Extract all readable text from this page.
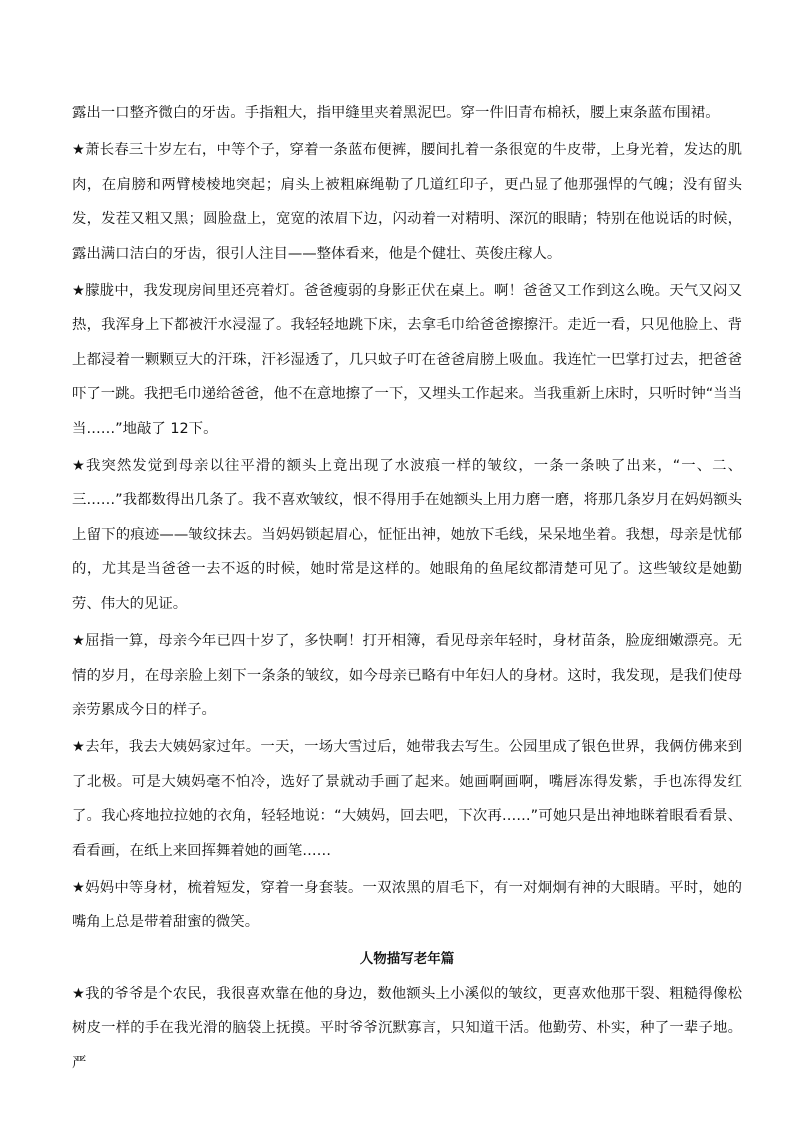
露出一口整齐微白的牙齿。手指粗大，指甲缝里夹着黑泥巴。穿一件旧青布棉袄，腰上束条蓝布围裙。

★萧长春三十岁左右，中等个子，穿着一条蓝布便裤，腰间扎着一条很宽的牛皮带，上身光着，发达的肌肉，在肩膀和两臂棱棱地突起；肩头上被粗麻绳勒了几道红印子，更凸显了他那强悍的气魄；没有留头发，发茬又粗又黑；圆脸盘上，宽宽的浓眉下边，闪动着一对精明、深沉的眼睛；特别在他说话的时候，露出满口洁白的牙齿，很引人注目——整体看来，他是个健壮、英俊庄稼人。

★朦胧中，我发现房间里还亮着灯。爸爸瘦弱的身影正伏在桌上。啊！爸爸又工作到这么晚。天气又闷又热，我浑身上下都被汗水浸湿了。我轻轻地跳下床，去拿毛巾给爸爸擦擦汗。走近一看，只见他脸上、背上都浸着一颗颗豆大的汗珠，汗衫湿透了，几只蚊子叮在爸爸肩膀上吸血。我连忙一巴掌打过去，把爸爸吓了一跳。我把毛巾递给爸爸，他不在意地擦了一下，又埋头工作起来。当我重新上床时，只听时钟“当当当……”地敲了 12下。

★我突然发觉到母亲以往平滑的额头上竟出现了水波痕一样的皱纹，一条一条映了出来，“一、二、三……”我都数得出几条了。我不喜欢皱纹，恨不得用手在她额头上用力磨一磨，将那几条岁月在妈妈额头上留下的痕迹——皱纹抹去。当妈妈锁起眉心，怔怔出神，她放下毛线，呆呆地坐着。我想，母亲是忧郁的，尤其是当爸爸一去不返的时候，她时常是这样的。她眼角的鱼尾纹都清楚可见了。这些皱纹是她勤劳、伟大的见证。

★屈指一算，母亲今年已四十岁了，多快啊！打开相簿，看见母亲年轻时，身材苗条，脸庞细嫩漂亮。无情的岁月，在母亲脸上刻下一条条的皱纹，如今母亲已略有中年妇人的身材。这时，我发现，是我们使母亲劳累成今日的样子。

★去年，我去大姨妈家过年。一天，一场大雪过后，她带我去写生。公园里成了银色世界，我俩仿佛来到了北极。可是大姨妈毫不怕冷，选好了景就动手画了起来。她画啊画啊，嘴唇冻得发紫，手也冻得发红了。我心疼地拉拉她的衣角，轻轻地说：“大姨妈，回去吧，下次再……”可她只是出神地眯着眼看看景、看看画，在纸上来回挥舞着她的画笔……

★妈妈中等身材，梳着短发，穿着一身套装。一双浓黑的眉毛下，有一对炯炯有神的大眼睛。平时，她的嘴角上总是带着甜蜜的微笑。

人物描写老年篇

★我的爷爷是个农民，我很喜欢靠在他的身边，数他额头上小溪似的皱纹，更喜欢他那干裂、粗糙得像松树皮一样的手在我光滑的脑袋上抚摸。平时爷爷沉默寡言，只知道干活。他勤劳、朴实，种了一辈子地。严
